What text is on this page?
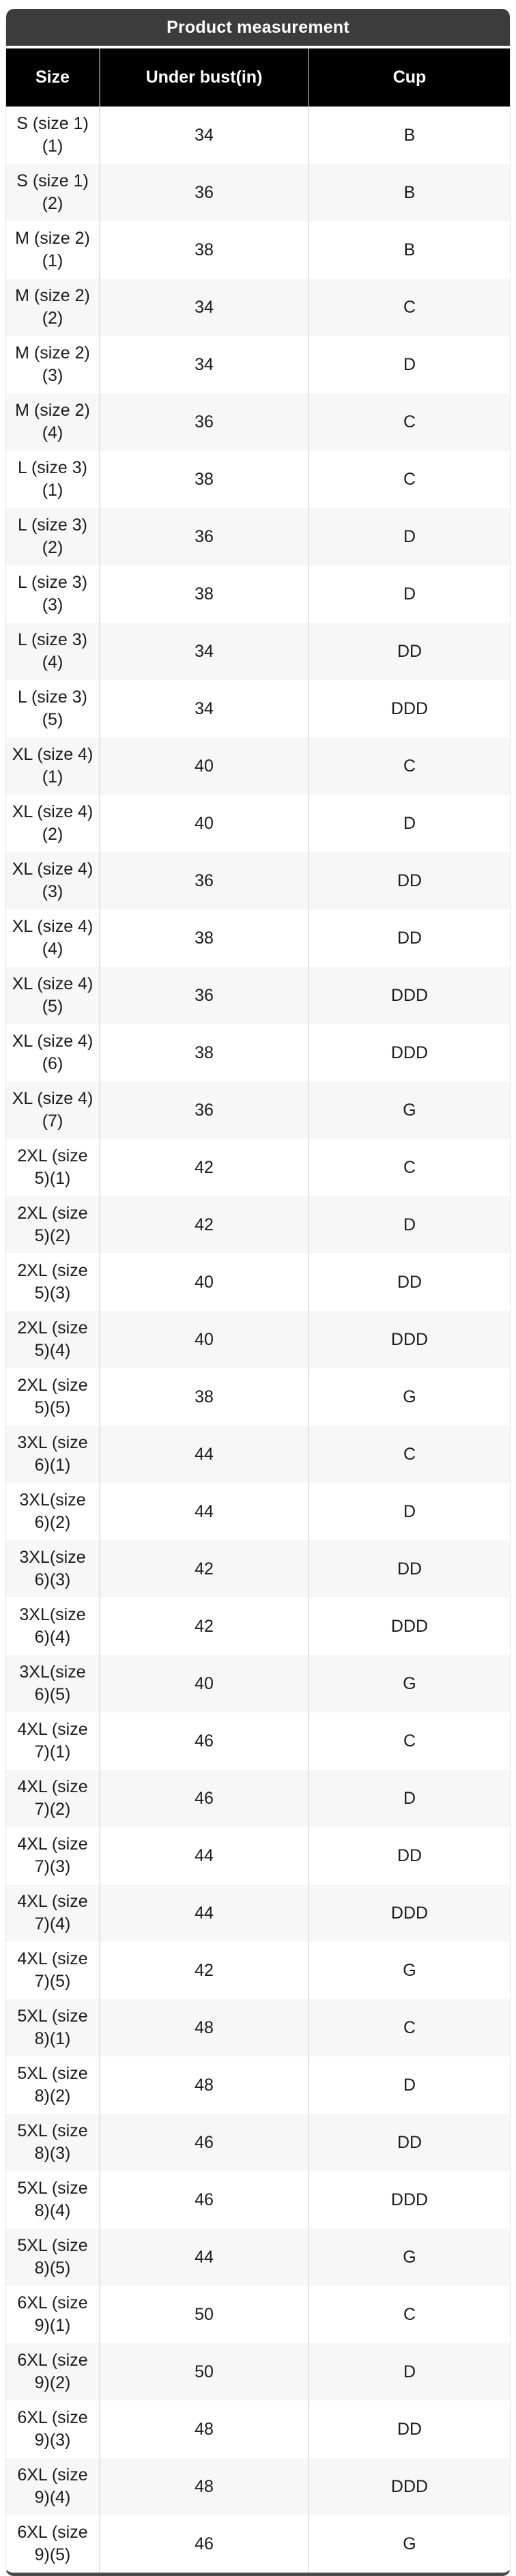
Product measurement
Size	Under bust(in)	Cup
S (size 1) (1)	34	B
S (size 1) (2)	36	B
M (size 2) (1)	38	B
M (size 2) (2)	34	C
M (size 2) (3)	34	D
M (size 2) (4)	36	C
L (size 3) (1)	38	C
L (size 3) (2)	36	D
L (size 3) (3)	38	D
L (size 3) (4)	34	DD
L (size 3) (5)	34	DDD
XL (size 4)(1)	40	C
XL (size 4)(2)	40	D
XL (size 4)(3)	36	DD
XL (size 4)(4)	38	DD
XL (size 4)(5)	36	DDD
XL (size 4)(6)	38	DDD
XL (size 4)(7)	36	G
2XL (size 5)(1)	42	C
2XL (size 5)(2)	42	D
2XL (size 5)(3)	40	DD
2XL (size 5)(4)	40	DDD
2XL (size 5)(5)	38	G
3XL (size 6)(1)	44	C
3XL(size 6)(2)	44	D
3XL(size 6)(3)	42	DD
3XL(size 6)(4)	42	DDD
3XL(size 6)(5)	40	G
4XL (size 7)(1)	46	C
4XL (size 7)(2)	46	D
4XL (size 7)(3)	44	DD
4XL (size 7)(4)	44	DDD
4XL (size 7)(5)	42	G
5XL (size 8)(1)	48	C
5XL (size 8)(2)	48	D
5XL (size 8)(3)	46	DD
5XL (size 8)(4)	46	DDD
5XL (size 8)(5)	44	G
6XL (size 9)(1)	50	C
6XL (size 9)(2)	50	D
6XL (size 9)(3)	48	DD
6XL (size 9)(4)	48	DDD
6XL (size 9)(5)	46	G
